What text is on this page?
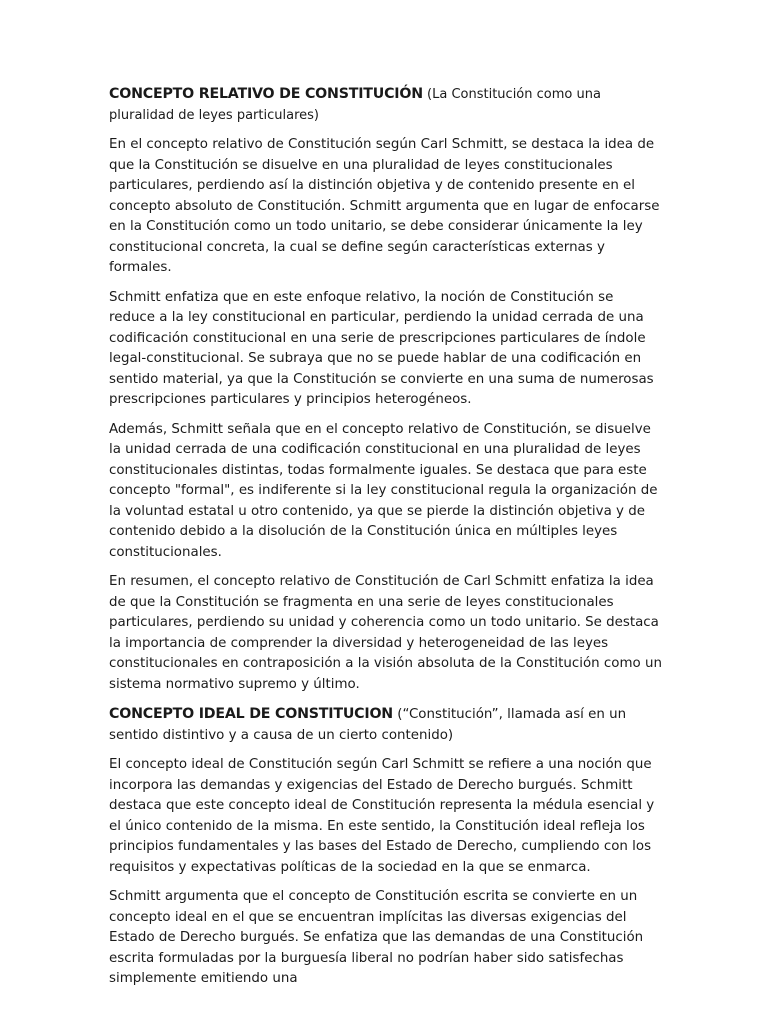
CONCEPTO RELATIVO DE CONSTITUCIÓN (La Constitución como una pluralidad de leyes particulares)

En el concepto relativo de Constitución según Carl Schmitt, se destaca la idea de que la Constitución se disuelve en una pluralidad de leyes constitucionales particulares, perdiendo así la distinción objetiva y de contenido presente en el concepto absoluto de Constitución. Schmitt argumenta que en lugar de enfocarse en la Constitución como un todo unitario, se debe considerar únicamente la ley constitucional concreta, la cual se define según características externas y formales.

Schmitt enfatiza que en este enfoque relativo, la noción de Constitución se reduce a la ley constitucional en particular, perdiendo la unidad cerrada de una codificación constitucional en una serie de prescripciones particulares de índole legal-constitucional. Se subraya que no se puede hablar de una codificación en sentido material, ya que la Constitución se convierte en una suma de numerosas prescripciones particulares y principios heterogéneos.

Además, Schmitt señala que en el concepto relativo de Constitución, se disuelve la unidad cerrada de una codificación constitucional en una pluralidad de leyes constitucionales distintas, todas formalmente iguales. Se destaca que para este concepto "formal", es indiferente si la ley constitucional regula la organización de la voluntad estatal u otro contenido, ya que se pierde la distinción objetiva y de contenido debido a la disolución de la Constitución única en múltiples leyes constitucionales.

En resumen, el concepto relativo de Constitución de Carl Schmitt enfatiza la idea de que la Constitución se fragmenta en una serie de leyes constitucionales particulares, perdiendo su unidad y coherencia como un todo unitario. Se destaca la importancia de comprender la diversidad y heterogeneidad de las leyes constitucionales en contraposición a la visión absoluta de la Constitución como un sistema normativo supremo y último.

CONCEPTO IDEAL DE CONSTITUCION (“Constitución”, llamada así en un sentido distintivo y a causa de un cierto contenido)

El concepto ideal de Constitución según Carl Schmitt se refiere a una noción que incorpora las demandas y exigencias del Estado de Derecho burgués. Schmitt destaca que este concepto ideal de Constitución representa la médula esencial y el único contenido de la misma. En este sentido, la Constitución ideal refleja los principios fundamentales y las bases del Estado de Derecho, cumpliendo con los requisitos y expectativas políticas de la sociedad en la que se enmarca.

Schmitt argumenta que el concepto de Constitución escrita se convierte en un concepto ideal en el que se encuentran implícitas las diversas exigencias del Estado de Derecho burgués. Se enfatiza que las demandas de una Constitución escrita formuladas por la burguesía liberal no podrían haber sido satisfechas simplemente emitiendo una
